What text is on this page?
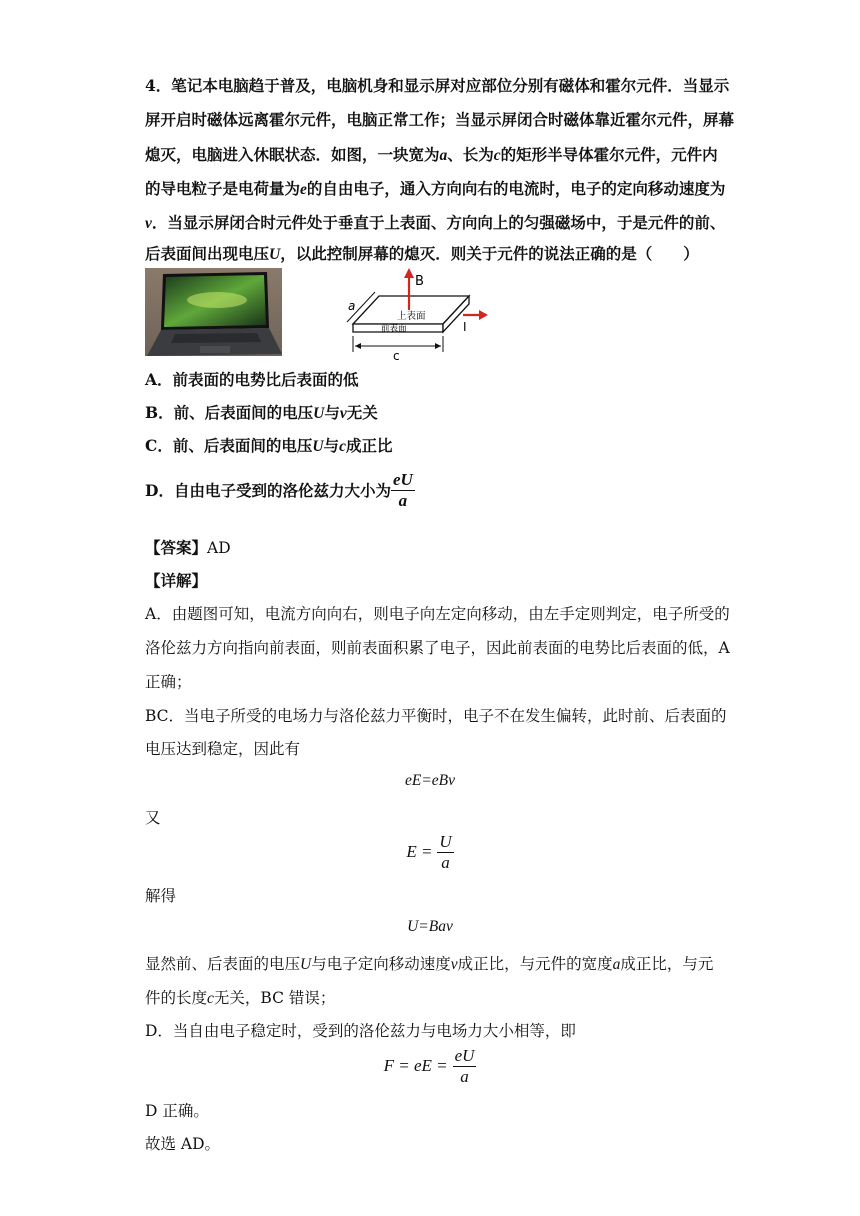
4．笔记本电脑趋于普及，电脑机身和显示屏对应部位分别有磁体和霍尔元件．当显示
屏开启时磁体远离霍尔元件，电脑正常工作；当显示屏闭合时磁体靠近霍尔元件，屏幕
熄灭，电脑进入休眠状态．如图，一块宽为a、长为c的矩形半导体霍尔元件，元件内
的导电粒子是电荷量为e的自由电子，通入方向向右的电流时，电子的定向移动速度为
v．当显示屏闭合时元件处于垂直于上表面、方向向上的匀强磁场中，于是元件的前、
后表面间出现电压U，以此控制屏幕的熄灭．则关于元件的说法正确的是（　　）
a
B
I
上表面
前表面
c
A．前表面的电势比后表面的低
B．前、后表面间的电压U与v无关
C．前、后表面间的电压U与c成正比
D．自由电子受到的洛伦兹力大小为 $\frac{eU}{a}$
【答案】AD
【详解】
A．由题图可知，电流方向向右，则电子向左定向移动，由左手定则判定，电子所受的
洛伦兹力方向指向前表面，则前表面积累了电子，因此前表面的电势比后表面的低，A
正确；
BC．当电子所受的电场力与洛伦兹力平衡时，电子不在发生偏转，此时前、后表面的
电压达到稳定，因此有
eE=eBv
又
$E = \frac{U}{a}$
解得
U=Bav
显然前、后表面的电压U与电子定向移动速度v成正比，与元件的宽度a成正比，与元
件的长度c无关，BC 错误；
D．当自由电子稳定时，受到的洛伦兹力与电场力大小相等，即
F = eE = $\frac{eU}{a}$
D 正确。
故选 AD。
